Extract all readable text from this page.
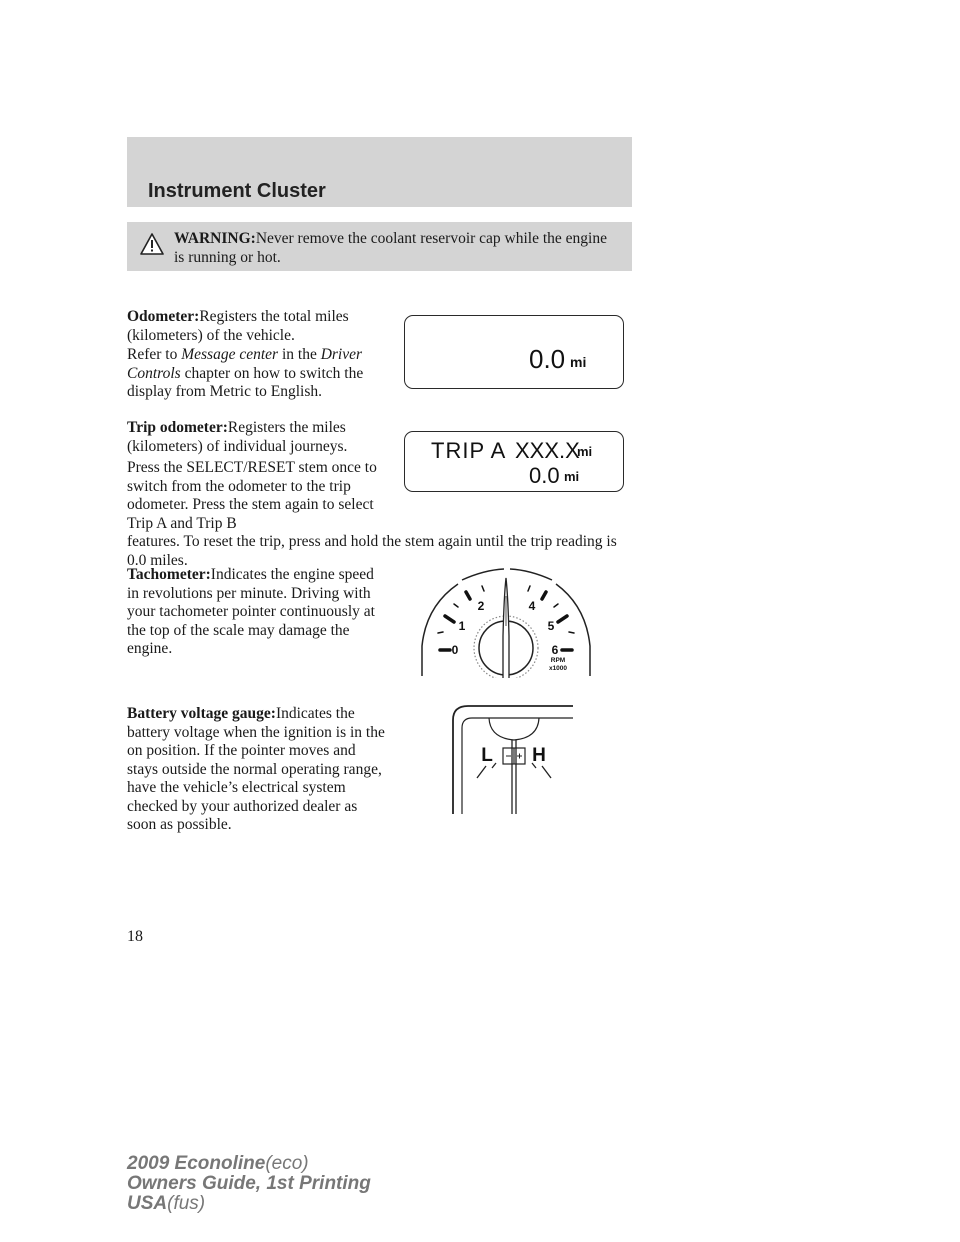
Instrument Cluster
WARNING:Never remove the coolant reservoir cap while the engine is running or hot.

Odometer:Registers the total miles (kilometers) of the vehicle.

Refer to Message center in the Driver Controls chapter on how to switch the display from Metric to English.

0.0 mi

Trip odometer:Registers the miles (kilometers) of individual journeys.

Press the SELECT/RESET stem once to switch from the odometer to the trip odometer. Press the stem again to select Trip A and Trip B

features. To reset the trip, press and hold the stem again until the trip reading is 0.0 miles.

TRIP A XXX.X
mi
0.0 mi

Tachometer:Indicates the engine speed in revolutions per minute. Driving with your tachometer pointer continuously at the top of the scale may damage the engine.	0
1
2	4
5
6
RPM
x1000

Battery voltage gauge:Indicates the battery voltage when the ignition is in the on position. If the pointer moves and stays outside the normal operating range, have the vehicle’s electrical system checked by your authorized dealer as soon as possible.

L H
18
2009 Econoline(eco)
Owners Guide, 1st Printing
USA(fus)
